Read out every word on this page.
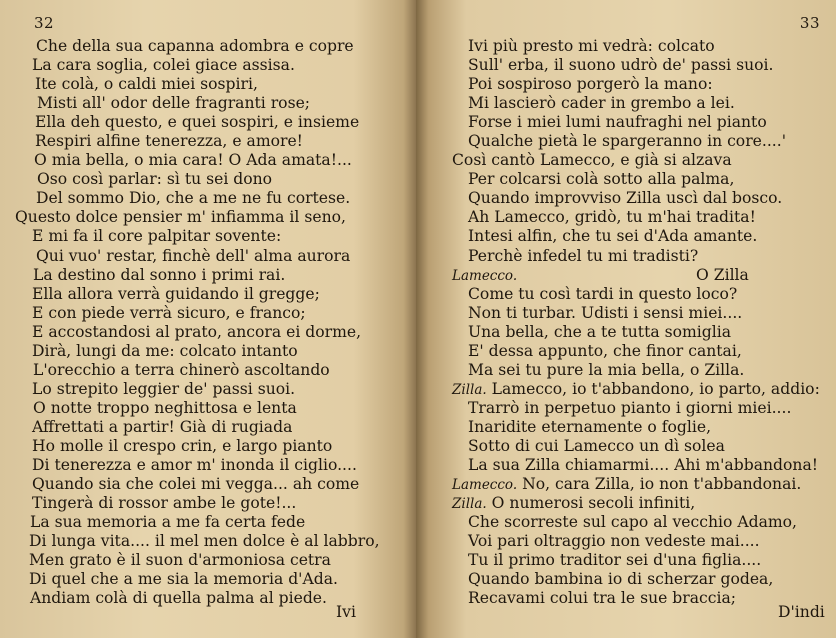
32
Che della sua capanna adombra e copre
La cara soglia, colei giace assisa.
Ite colà, o caldi miei sospiri,
Misti all' odor delle fragranti rose;
Ella deh questo, e quei sospiri, e insieme
Respiri alfine tenerezza, e amore!
O mia bella, o mia cara! O Ada amata!...
Oso così parlar: sì tu sei dono
Del sommo Dio, che a me ne fu cortese.
Questo dolce pensier m' infiamma il seno,
E mi fa il core palpitar sovente:
Qui vuo' restar, finchè dell' alma aurora
La destino dal sonno i primi rai.
Ella allora verrà guidando il gregge;
E con piede verrà sicuro, e franco;
E accostandosi al prato, ancora ei dorme,
Dirà, lungi da me: colcato intanto
L'orecchio a terra chinerò ascoltando
Lo strepito leggier de' passi suoi.
O notte troppo neghittosa e lenta
Affrettati a partir! Già di rugiada
Ho molle il crespo crin, e largo pianto
Di tenerezza e amor m' inonda il ciglio....
Quando sia che colei mi vegga... ah come
Tingerà di rossor ambe le gote!...
La sua memoria a me fa certa fede
Di lunga vita.... il mel men dolce è al labbro,
Men grato è il suon d'armoniosa cetra
Di quel che a me sia la memoria d'Ada.
Andiam colà di quella palma al piede.
Ivi
33
Ivi più presto mi vedrà: colcato
Sull' erba, il suono udrò de' passi suoi.
Poi sospiroso porgerò la mano:
Mi lascierò cader in grembo a lei.
Forse i miei lumi naufraghi nel pianto
Qualche pietà le spargeranno in core....'
Così cantò Lamecco, e già si alzava
Per colcarsi colà sotto alla palma,
Quando improvviso Zilla uscì dal bosco.
Ah Lamecco, gridò, tu m'hai tradita!
Intesi alfin, che tu sei d'Ada amante.
Perchè infedel tu mi tradisti?
Lamecco.	O Zilla
Come tu così tardi in questo loco?
Non ti turbar. Udisti i sensi miei....
Una bella, che a te tutta somiglia
E' dessa appunto, che finor cantai,
Ma sei tu pure la mia bella, o Zilla.
Zilla. Lamecco, io t'abbandono, io parto, addio:
Trarrò in perpetuo pianto i giorni miei....
Inaridite eternamente o foglie,
Sotto di cui Lamecco un dì solea
La sua Zilla chiamarmi.... Ahi m'abbandona!
Lamecco. No, cara Zilla, io non t'abbandonai.
Zilla. O numerosi secoli infiniti,
Che scorreste sul capo al vecchio Adamo,
Voi pari oltraggio non vedeste mai....
Tu il primo traditor sei d'una figlia....
Quando bambina io di scherzar godea,
Recavami colui tra le sue braccia;
D'indi
